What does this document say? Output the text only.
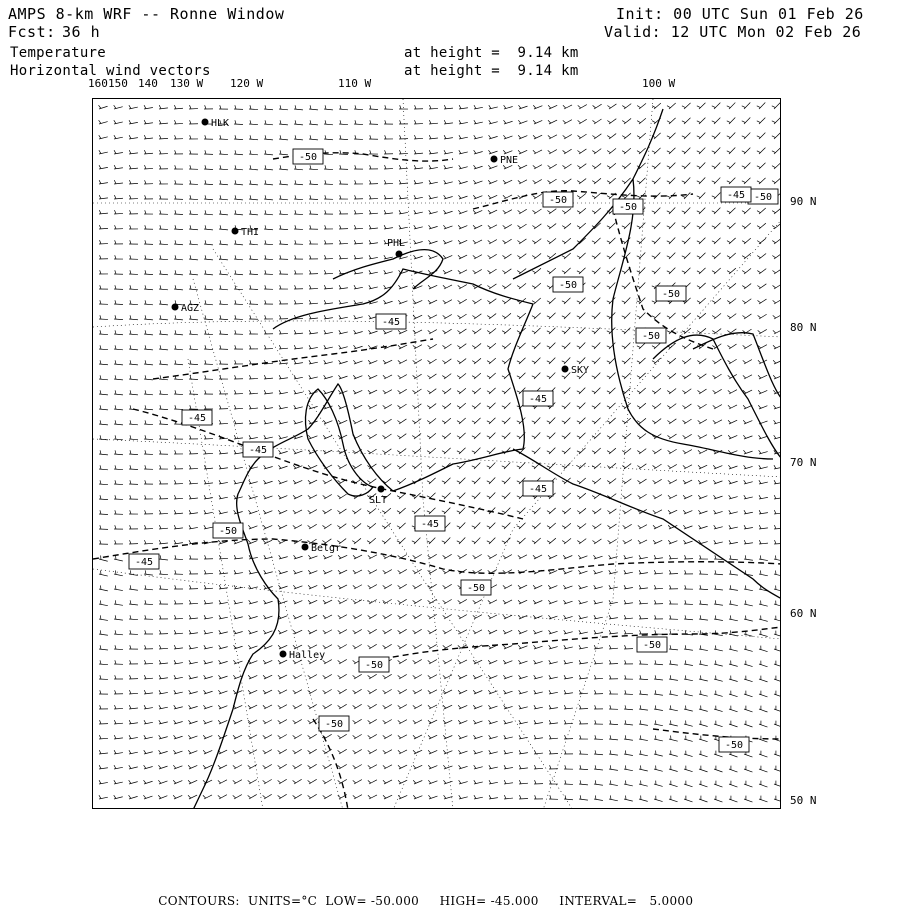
AMPS 8-km WRF -- Ronne Window
Fcst: 36 h
Init: 00 UTC Sun 01 Feb 26
Valid: 12 UTC Mon 02 Feb 26
Temperature
Horizontal wind vectors
at height =  9.14 km
at height =  9.14 km
160 150 140 130 W 120 W	110 W	100 W
90 N
80 N
70 N
60 N
50 N
-50
-50
-50
-50
-50
-45
-50
-50
-45
-45
-45
-45
-45
-50
-45
-50
-50
-50
-50
-50
-45
HLK
PNE
THI
PHL
AGZ
SKY
SLT
Belgr
Halley

CONTOURS: UNITS=°C LOW= -50.000 HIGH= -45.000 INTERVAL=   5.0000
